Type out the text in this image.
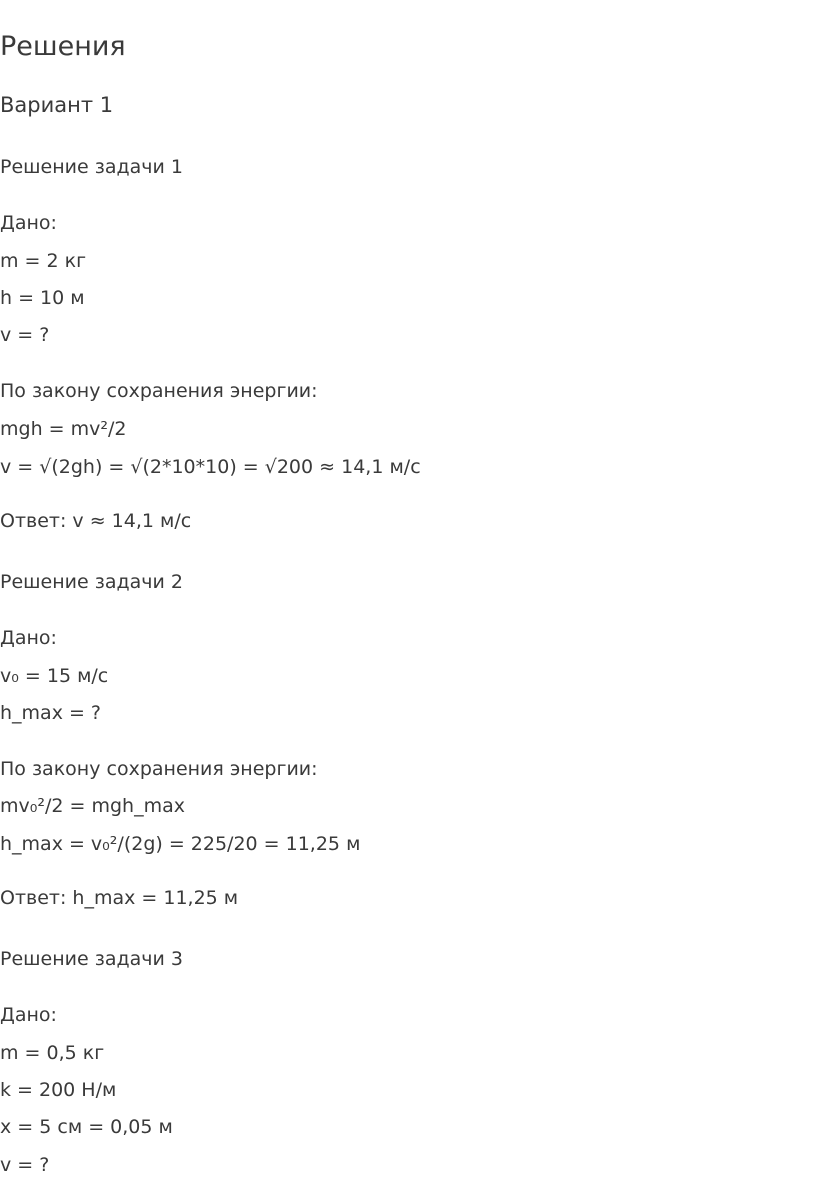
Решения
Вариант 1
Решение задачи 1
Дано:
m = 2 кг
h = 10 м
v = ?
По закону сохранения энергии:
mgh = mv²/2
v = √(2gh) = √(2*10*10) = √200 ≈ 14,1 м/с
Ответ: v ≈ 14,1 м/с
Решение задачи 2
Дано:
v₀ = 15 м/с
h_max = ?
По закону сохранения энергии:
mv₀²/2 = mgh_max
h_max = v₀²/(2g) = 225/20 = 11,25 м
Ответ: h_max = 11,25 м
Решение задачи 3
Дано:
m = 0,5 кг
k = 200 Н/м
x = 5 см = 0,05 м
v = ?
